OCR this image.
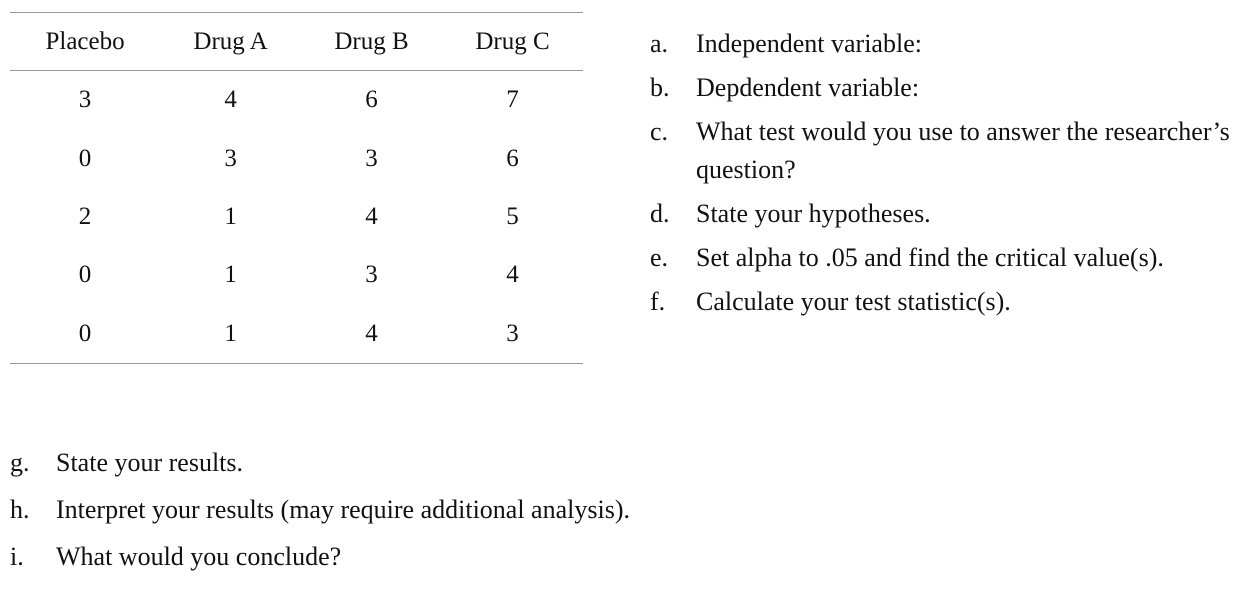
Placebo	Drug A	Drug B	Drug C
3	4	6	7
0	3	3	6
2	1	4	5
0	1	3	4
0	1	4	3
a. Independent variable:
b. Depdendent variable:
c. What test would you use to answer the researcher’s question?
d. State your hypotheses.
e. Set alpha to .05 and find the critical value(s).
f. Calculate your test statistic(s).
g. State your results.
h. Interpret your results (may require additional analysis).
i. What would you conclude?
